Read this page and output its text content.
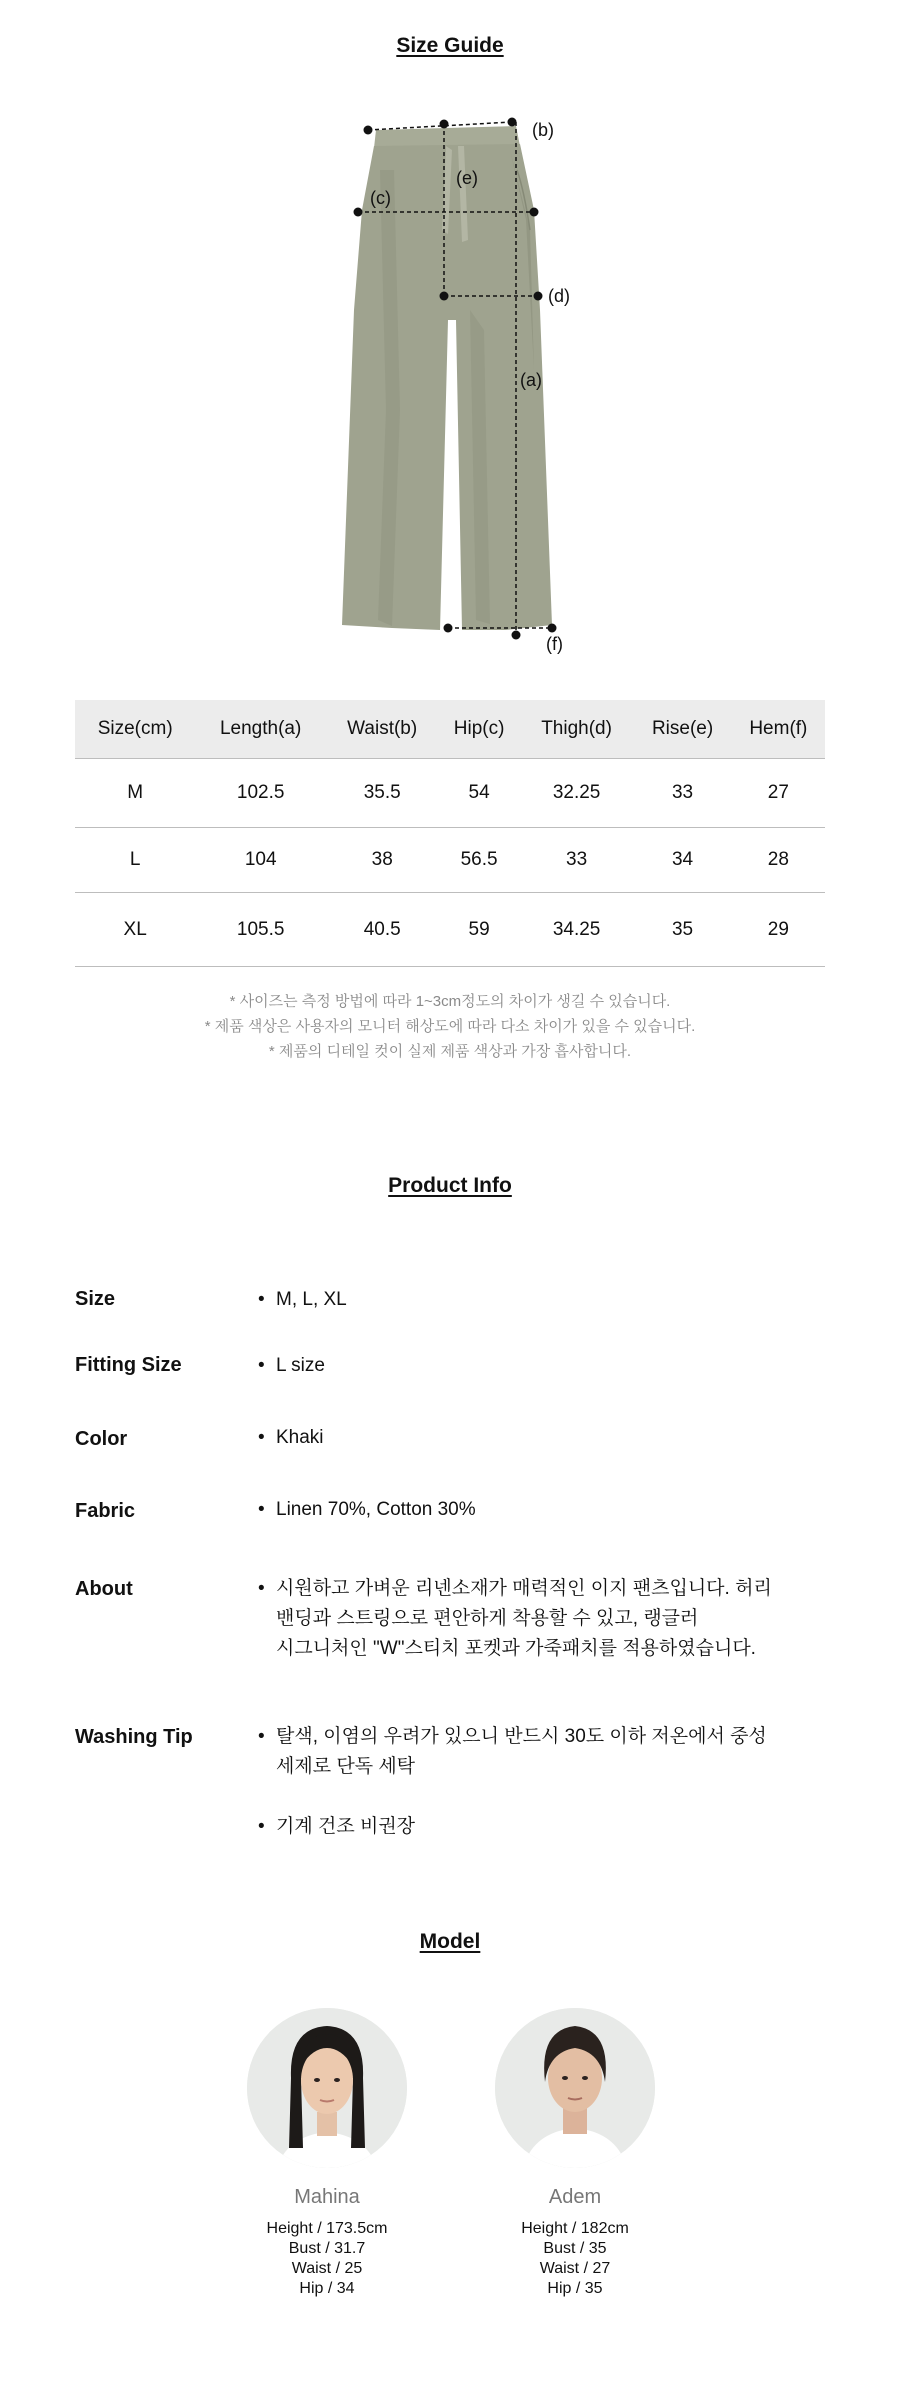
Size Guide
(b)
(e)
(c)
(d)
(a)
(f)
Size(cm)	Length(a)	Waist(b)	Hip(c)	Thigh(d)	Rise(e)	Hem(f)
M	102.5	35.5	54	32.25	33	27
L	104	38	56.5	33	34	28
XL	105.5	40.5	59	34.25	35	29
* 사이즈는 측정 방법에 따라 1~3cm정도의 차이가 생길 수 있습니다.
* 제품 색상은 사용자의 모니터 해상도에 따라 다소 차이가 있을 수 있습니다.
* 제품의 디테일 컷이 실제 제품 색상과 가장 흡사합니다.
Product Info
Size	• M, L, XL
Fitting Size	• L size
Color	• Khaki
Fabric	• Linen 70%, Cotton 30%
About	• 시원하고 가벼운 리넨소재가 매력적인 이지 팬츠입니다. 허리
밴딩과 스트링으로 편안하게 착용할 수 있고, 랭글러
시그니처인 "W"스티치 포켓과 가죽패치를 적용하였습니다.
Washing Tip	• 탈색, 이염의 우려가 있으니 반드시 30도 이하 저온에서 중성
세제로 단독 세탁
• 기계 건조 비권장
Model
Mahina
Height / 173.5cm
Bust / 31.7
Waist / 25
Hip / 34
Adem
Height / 182cm
Bust / 35
Waist / 27
Hip / 35
